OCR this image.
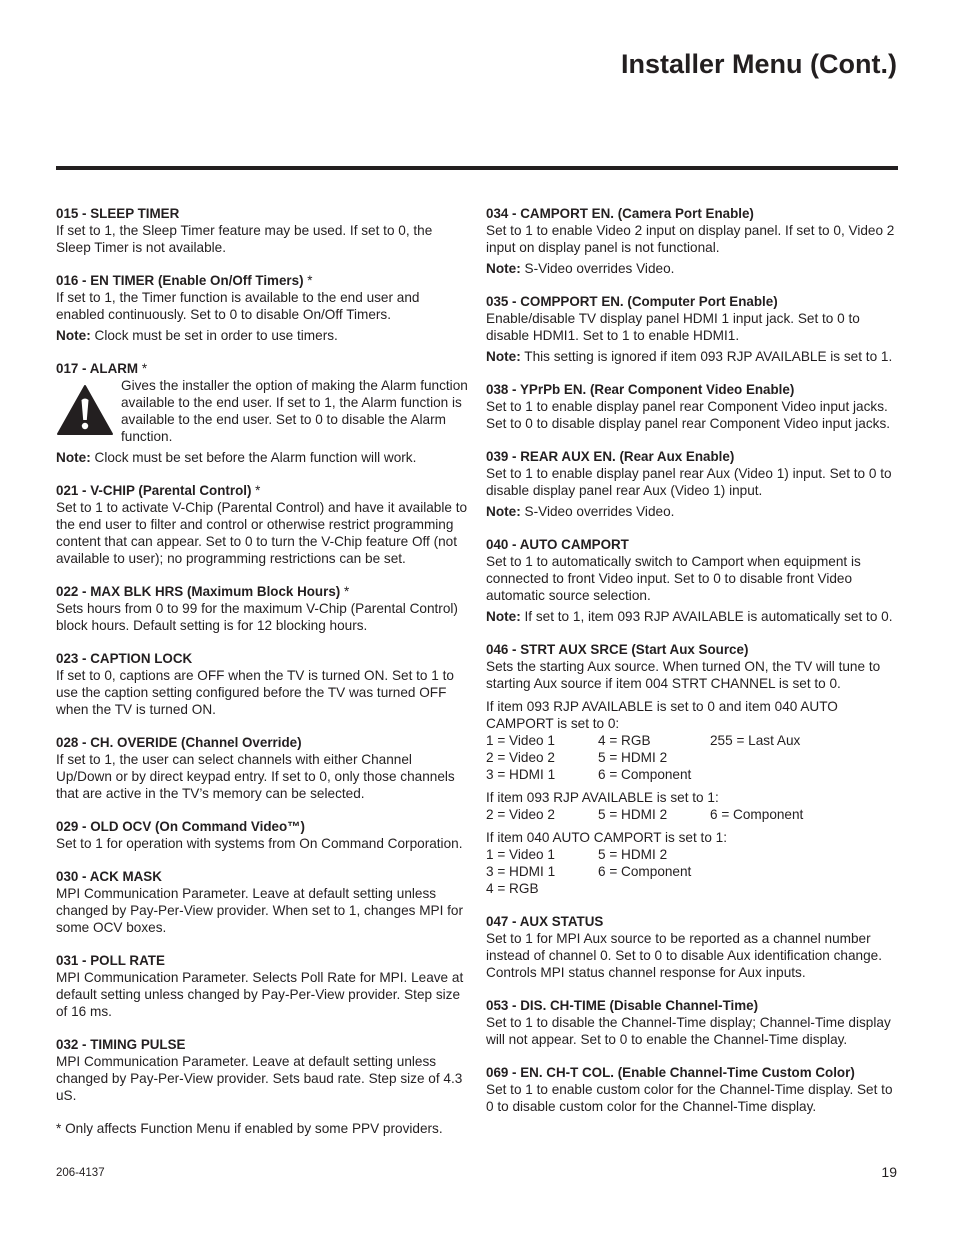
Installer Menu (Cont.)
015 - SLEEP TIMER

If set to 1, the Sleep Timer feature may be used. If set to 0, the Sleep Timer is not available.

016 - EN TIMER (Enable On/Off Timers) *

If set to 1, the Timer function is available to the end user and enabled continuously. Set to 0 to disable On/Off Timers.

Note: Clock must be set in order to use timers.

017 - ALARM *

Gives the installer the option of making the Alarm function available to the end user. If set to 1, the Alarm function is available to the end user. Set to 0 to disable the Alarm function.

Note: Clock must be set before the Alarm function will work.

021 - V-CHIP (Parental Control) *

Set to 1 to activate V-Chip (Parental Control) and have it available to the end user to filter and control or otherwise restrict programming content that can appear. Set to 0 to turn the V-Chip feature Off (not available to user); no programming restrictions can be set.

022 - MAX BLK HRS (Maximum Block Hours) *

Sets hours from 0 to 99 for the maximum V-Chip (Parental Control) block hours. Default setting is for 12 blocking hours.

023 - CAPTION LOCK

If set to 0, captions are OFF when the TV is turned ON. Set to 1 to use the caption setting configured before the TV was turned OFF when the TV is turned ON.

028 - CH. OVERIDE (Channel Override)

If set to 1, the user can select channels with either Channel Up/Down or by direct keypad entry. If set to 0, only those channels that are active in the TV’s memory can be selected.

029 - OLD OCV (On Command Video™)

Set to 1 for operation with systems from On Command Corporation.

030 - ACK MASK

MPI Communication Parameter. Leave at default setting unless changed by Pay-Per-View provider. When set to 1, changes MPI for some OCV boxes.

031 - POLL RATE

MPI Communication Parameter. Selects Poll Rate for MPI. Leave at default setting unless changed by Pay-Per-View provider. Step size of 16 ms.

032 - TIMING PULSE

MPI Communication Parameter. Leave at default setting unless changed by Pay-Per-View provider. Sets baud rate. Step size of 4.3 uS.

* Only affects Function Menu if enabled by some PPV providers.

034 - CAMPORT EN. (Camera Port Enable)

Set to 1 to enable Video 2 input on display panel. If set to 0, Video 2 input on display panel is not functional.

Note: S-Video overrides Video.

035 - COMPPORT EN. (Computer Port Enable)

Enable/disable TV display panel HDMI 1 input jack. Set to 0 to disable HDMI1. Set to 1 to enable HDMI1.

Note: This setting is ignored if item 093 RJP AVAILABLE is set to 1.

038 - YPrPb EN. (Rear Component Video Enable)

Set to 1 to enable display panel rear Component Video input jacks. Set to 0 to disable display panel rear Component Video input jacks.

039 - REAR AUX EN. (Rear Aux Enable)

Set to 1 to enable display panel rear Aux (Video 1) input. Set to 0 to disable display panel rear Aux (Video 1) input.

Note: S-Video overrides Video.

040 - AUTO CAMPORT

Set to 1 to automatically switch to Camport when equipment is connected to front Video input. Set to 0 to disable front Video automatic source selection.

Note: If set to 1, item 093 RJP AVAILABLE is automatically set to 0.

046 - STRT AUX SRCE (Start Aux Source)

Sets the starting Aux source. When turned ON, the TV will tune to starting Aux source if item 004 STRT CHANNEL is set to 0.

If item 093 RJP AVAILABLE is set to 0 and item 040 AUTO CAMPORT is set to 0:

1 = Video 1	4 = RGB	255 = Last Aux
2 = Video 2	5 = HDMI 2
3 = HDMI 1	6 = Component

If item 093 RJP AVAILABLE is set to 1:

2 = Video 2	5 = HDMI 2	6 = Component

If item 040 AUTO CAMPORT is set to 1:

1 = Video 1	5 = HDMI 2
3 = HDMI 1	6 = Component
4 = RGB
047 - AUX STATUS

Set to 1 for MPI Aux source to be reported as a channel number instead of channel 0. Set to 0 to disable Aux identification change. Controls MPI status channel response for Aux inputs.

053 - DIS. CH-TIME (Disable Channel-Time)

Set to 1 to disable the Channel-Time display; Channel-Time display will not appear. Set to 0 to enable the Channel-Time display.

069 - EN. CH-T COL. (Enable Channel-Time Custom Color)

Set to 1 to enable custom color for the Channel-Time display. Set to 0 to disable custom color for the Channel-Time display.

206-4137	19
